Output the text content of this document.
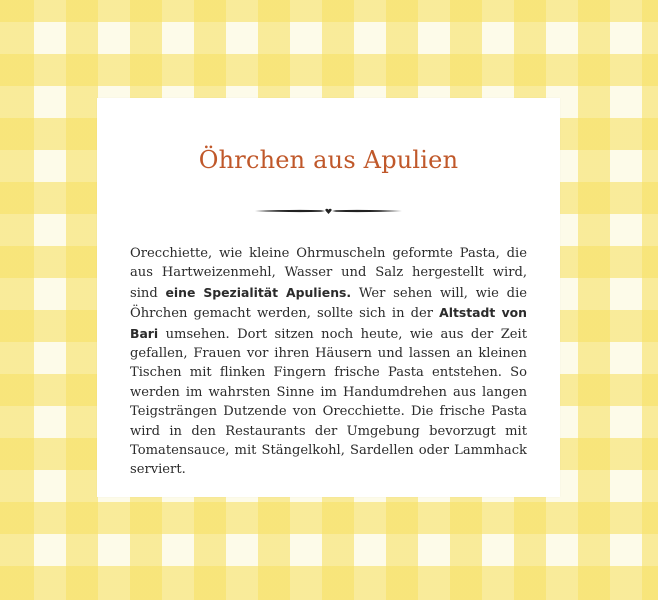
Öhrchen aus Apulien

Orecchiette, wie kleine Ohrmuscheln geformte Pasta, die aus Hartweizenmehl, Wasser und Salz hergestellt wird, sind eine Spezialität Apuliens. Wer sehen will, wie die Öhrchen gemacht werden, sollte sich in der Altstadt von Bari umsehen. Dort sitzen noch heute, wie aus der Zeit gefallen, Frauen vor ihren Häusern und lassen an kleinen Tischen mit flinken Fingern frische Pasta entstehen. So werden im wahrsten Sinne im Handumdrehen aus langen Teigsträngen Dutzende von Orecchiette. Die frische Pasta wird in den Restaurants der Umgebung bevorzugt mit Tomatensauce, mit Stängelkohl, Sardellen oder Lammhack serviert.
